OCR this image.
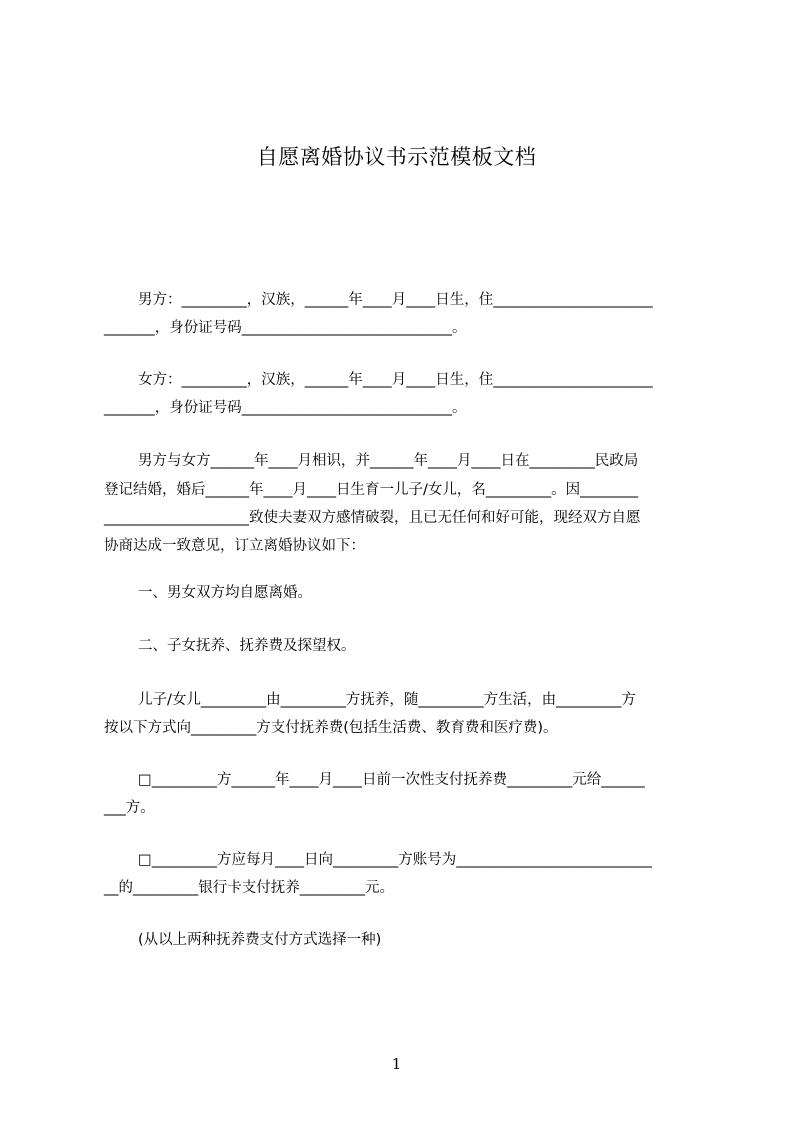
自愿离婚协议书示范模板文档
男方：_________，汉族，______年____月____日生，住______________________
_______，身份证号码_____________________________。
女方：_________，汉族，______年____月____日生，住______________________
_______，身份证号码_____________________________。
男方与女方______年____月相识，并______年____月____日在_________民政局
登记结婚，婚后______年____月____日生育一儿子/女儿，名_________。因________
____________________致使夫妻双方感情破裂，且已无任何和好可能，现经双方自愿
协商达成一致意见，订立离婚协议如下：
一、男女双方均自愿离婚。
二、子女抚养、抚养费及探望权。
儿子/女儿_________由_________方抚养，随_________方生活，由_________方
按以下方式向_________方支付抚养费(包括生活费、教育费和医疗费)。
□_________方______年____月____日前一次性支付抚养费_________元给______
___方。
□_________方应每月____日向_________方账号为___________________________
__的_________银行卡支付抚养_________元。
(从以上两种抚养费支付方式选择一种)
1
